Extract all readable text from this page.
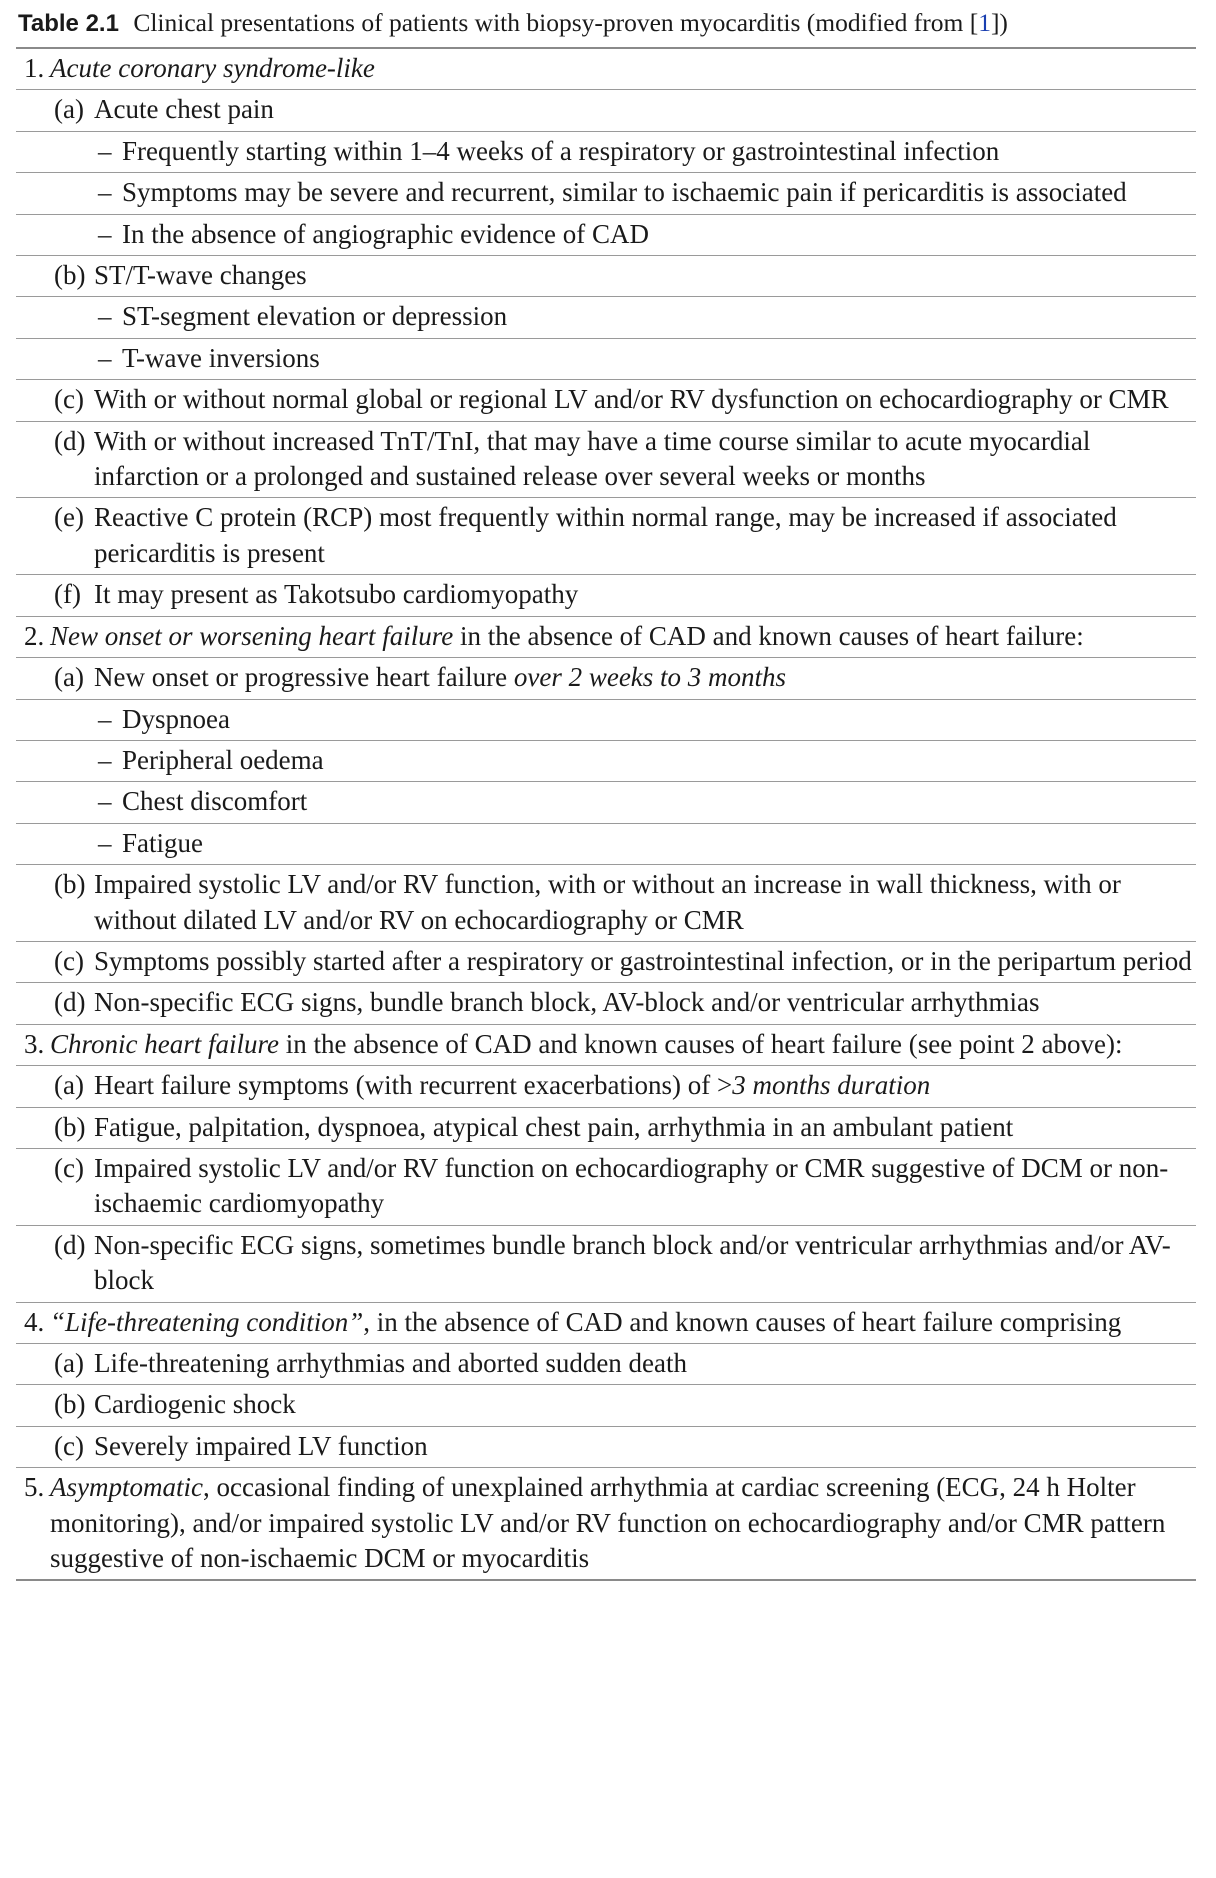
Table 2.1 Clinical presentations of patients with biopsy-proven myocarditis (modified from [1])
1. Acute coronary syndrome-like
(a) Acute chest pain
– Frequently starting within 1–4 weeks of a respiratory or gastrointestinal infection
– Symptoms may be severe and recurrent, similar to ischaemic pain if pericarditis is associated
– In the absence of angiographic evidence of CAD
(b) ST/T-wave changes
– ST-segment elevation or depression
– T-wave inversions
(c) With or without normal global or regional LV and/or RV dysfunction on echocardiography or CMR
(d) With or without increased TnT/TnI, that may have a time course similar to acute myocardial infarction or a prolonged and sustained release over several weeks or months
(e) Reactive C protein (RCP) most frequently within normal range, may be increased if associated pericarditis is present
(f) It may present as Takotsubo cardiomyopathy
2. New onset or worsening heart failure in the absence of CAD and known causes of heart failure:
(a) New onset or progressive heart failure over 2 weeks to 3 months
– Dyspnoea
– Peripheral oedema
– Chest discomfort
– Fatigue
(b) Impaired systolic LV and/or RV function, with or without an increase in wall thickness, with or without dilated LV and/or RV on echocardiography or CMR
(c) Symptoms possibly started after a respiratory or gastrointestinal infection, or in the peripartum period
(d) Non-specific ECG signs, bundle branch block, AV-block and/or ventricular arrhythmias
3. Chronic heart failure in the absence of CAD and known causes of heart failure (see point 2 above):
(a) Heart failure symptoms (with recurrent exacerbations) of >3 months duration
(b) Fatigue, palpitation, dyspnoea, atypical chest pain, arrhythmia in an ambulant patient
(c) Impaired systolic LV and/or RV function on echocardiography or CMR suggestive of DCM or non-ischaemic cardiomyopathy
(d) Non-specific ECG signs, sometimes bundle branch block and/or ventricular arrhythmias and/or AV-block
4. “Life-threatening condition”, in the absence of CAD and known causes of heart failure comprising
(a) Life-threatening arrhythmias and aborted sudden death
(b) Cardiogenic shock
(c) Severely impaired LV function
5. Asymptomatic, occasional finding of unexplained arrhythmia at cardiac screening (ECG, 24 h Holter monitoring), and/or impaired systolic LV and/or RV function on echocardiography and/or CMR pattern suggestive of non-ischaemic DCM or myocarditis
